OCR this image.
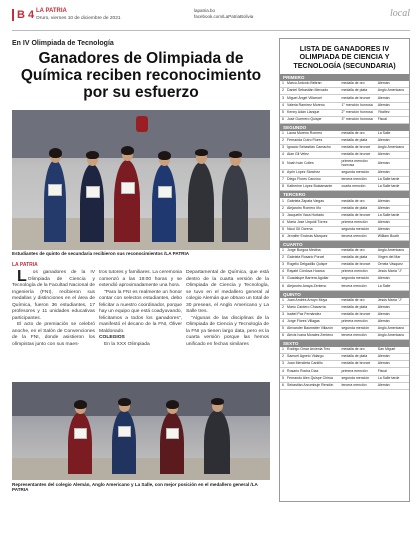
B 4 LA PATRIA
Oruro, viernes 10 de diciembre de 2021
lapatria.bo
facebook.com/LaPatriaBolivia	local
En IV Olimpiada de Tecnología
Ganadores de Olimpiada de Química reciben reconocimiento por su esfuerzo
Estudiantes de quinto de secundaria recibieron sus reconocimientos /LA PATRIA
LA PATRIA

Los ganadores de la IV Olimpiada de Ciencia y Tecnología de la Facultad Nacional de Ingeniería (FNI), recibieron sus medallas y distinciones en el área de Química, fueron 36 estudiantes, 17 profesores y 11 unidades educativas participantes.

El acto de premiación se celebró anoche, en el Salón de Convenciones de la FNI, donde asistieron los olímpistas junto con sus maes-

tros tutores y familiares. La ceremonia comenzó a las 19:00 horas y se extendió aproximadamente una hora.

"Para la FNI es realmente un honor contar con selectos estudiantes, debo felicitar a nuestro coordinador, porque hay un equipo que está coadyuvando, felicitamos a todos los ganadores", manifestó el decano de la FNI, Óliver Maldonado.

COLEGIOS

En la XXX Olimpiada

Departamental de Química, que está dentro de la cuarta versión de la Olimpiada de Ciencia y Tecnología, se tuvo en el medallero general al colegio Alemán que obtuvo un total de 30 preseas, el Anglo Americano y La Salle tres.

"Algunas de las disciplinas de la Olimpiada de Ciencia y Tecnología de la FNI ya tienen largo data, pero es la cuarta versión porque las hemos unificado en fechas similares

Representantes del colegio Alemán, Anglo Americano y La Salle, con mejor posición en el medallero general /LA PATRIA
LISTA DE GANADORES IV OLIMPIADA DE CIENCIA Y TECNOLOGÍA (SECUNDARIA)
PRIMERO
1	Marco Antonio Beltrán	medalla de oro	Alemán
2	Daniel Sebastián Mercado	medalla de plata	Anglo Americano
3	Miguel Ángel Villarroel	medalla de bronce	Alemán
4	Valeria Ramírez Moreno	1° mención honrosa	Alemán
5	Kenny Adán Llanque	2° mención honrosa	Ybañez
6	José Guerrero Quispe	3° mención honrosa	Fiscal
SEGUNDO
1	Laura Moreno Romero	medalla de oro	La Salle
2	Fernanda Cutro Flores	medalla de plata	Alemán
3	Ignacio Sebastián Camacho	medalla de bronce	Anglo Americano
4	Alan Gil Velez	medalla de bronce	Alemán
5	Noah Iván Colles	primera mención honrosa	Alemán
6	Ayrin López Sánchez	segunda mención	Alemán
7	Diego Flores Cancino	tercera mención	La Salle tarde
8	Katherine López Bustamante	cuarta mención	La Salle tarde
TERCERO
1	Gabriela Zapata Vargas	medalla de oro	Alemán
2	Alejandro Romero Iño	medalla de plata	Alemán
3	Jacquelin Vaca Hurtado	medalla de bronce	La Salle tarde
4	María Jose Urquidi Tórrez	primera mención	Alemán
5	Nicol Gil Ocrena	segunda mención	Alemán
6	Jennifer Encinas Marquez	tercera mención	William Booth
CUARTO
1	Jorge Burgoa Medina	medalla de oro	Anglo Americano
2	Gabriela Rosario Porcel	medalla de plata	Virgen del Mar
3	Rogelio Delgadillo Quispe	medalla de bronce	Ornela Vásquez
4	Rayaté Córdova Huarca	primera mención	Jesús María "J"
5	Guadalupe Barrera Aguilar	segunda mención	Alemán
6	Alejandro Anaya Zenteno	tercera mención	La Salle
QUINTO
1	Juan Andrés Arroyo Moya	medalla de oro	Jesús María "J"
2	Mario Cardero Chavarría	medalla de plata	Alemán
3	Isabel Paz Fernández	medalla de bronce	Alemán
4	Jorge Flores Villagas	primera mención	Alemán
5	Alexander Baumstter Villazón	segunda mención	Anglo Americano
6	Alexis Ivana Morales Zenteno	tercera mención	Anglo Americano
SEXTO
1	Rodrigo Omar Arcienia Trec	medalla de oro	San Miguel
2	Samuel Agnelo Vidargo	medalla de plata	Alemán
3	Juan Mendieta Cantillo	medalla de bronce	Alemán
4	Rosario Rocha Díaz	primera mención	Fiscal
5	Fernando Alex Quispe Chirúa	segunda mención	La Salle tarde
6	Sebastián Arzumbuje Rendón	tercera mención	Alemán
